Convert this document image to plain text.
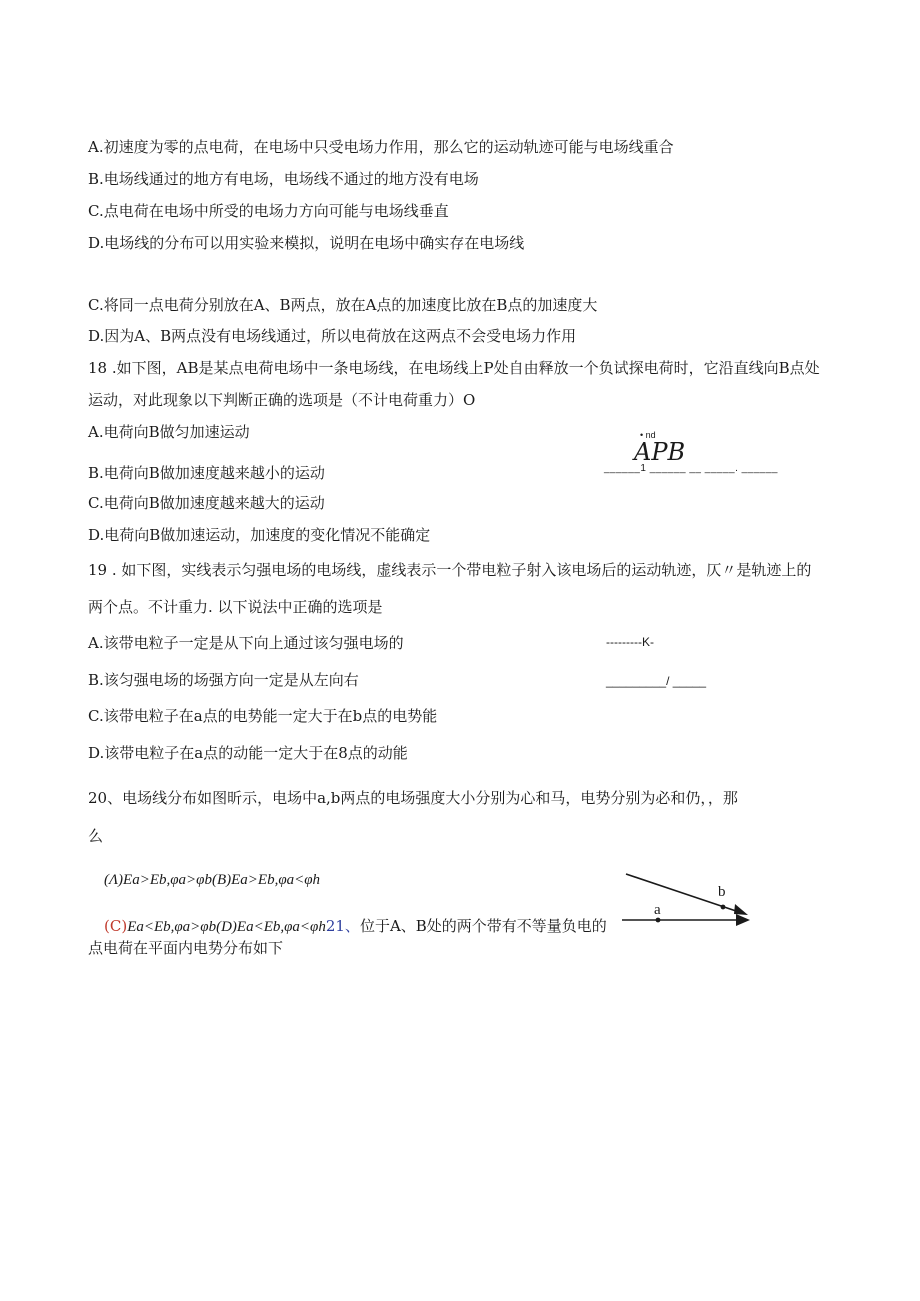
A.初速度为零的点电荷，在电场中只受电场力作用，那么它的运动轨迹可能与电场线重合
B.电场线通过的地方有电场，电场线不通过的地方没有电场
C.点电荷在电场中所受的电场力方向可能与电场线垂直
D.电场线的分布可以用实验来模拟，说明在电场中确实存在电场线
C.将同一点电荷分别放在A、B两点，放在A点的加速度比放在B点的加速度大
D.因为A、B两点没有电场线通过，所以电荷放在这两点不会受电场力作用
18 .如下图，AB是某点电荷电场中一条电场线，在电场线上P处自由释放一个负试探电荷时，它沿直线向B点处
运动，对此现象以下判断正确的选项是（不计电荷重力）O
A.电荷向B做匀加速运动
B.电荷向B做加速度越来越小的运动
C.电荷向B做加速度越来越大的运动
D.电荷向B做加速运动，加速度的变化情况不能确定
• nd
APB
______1 ______ __ _____. ______
19 . 如下图，实线表示匀强电场的电场线，虚线表示一个带电粒子射入该电场后的运动轨迹，仄〃是轨迹上的
两个点。不计重力. 以下说法中正确的选项是
A.该带电粒子一定是从下向上通过该匀强电场的
B.该匀强电场的场强方向一定是从左向右
C.该带电粒子在a点的电势能一定大于在b点的电势能
D.该带电粒子在a点的动能一定大于在8点的动能
---------K-
_________/ _____
20、电场线分布如图昕示，电场中a,b两点的电场强度大小分别为心和马，电势分别为必和仍，，那
么
(Λ)Ea>Eb,φa>φb(B)Ea>Eb,φa<φh
(C)Ea<Eb,φa>φb(D)Ea<Eb,φa<φh21、位于A、B处的两个带有不等量负电的
点电荷在平面内电势分布如下
a
b
